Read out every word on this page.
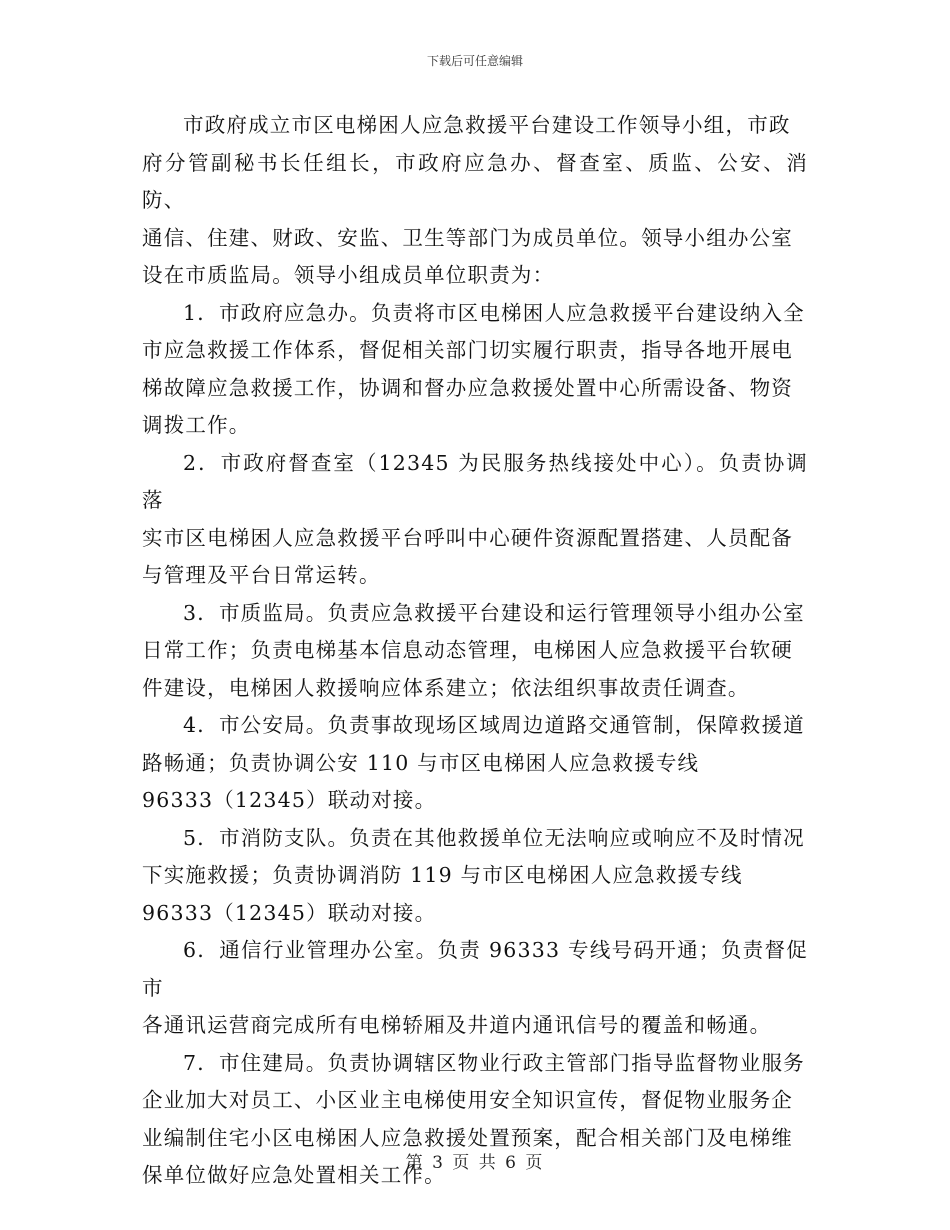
下载后可任意编辑

市政府成立市区电梯困人应急救援平台建设工作领导小组，市政
府分管副秘书长任组长，市政府应急办、督查室、质监、公安、消防、
通信、住建、财政、安监、卫生等部门为成员单位。领导小组办公室
设在市质监局。领导小组成员单位职责为：

1．市政府应急办。负责将市区电梯困人应急救援平台建设纳入全
市应急救援工作体系，督促相关部门切实履行职责，指导各地开展电
梯故障应急救援工作，协调和督办应急救援处置中心所需设备、物资
调拨工作。

2．市政府督查室（12345 为民服务热线接处中心）。负责协调落
实市区电梯困人应急救援平台呼叫中心硬件资源配置搭建、人员配备
与管理及平台日常运转。

3．市质监局。负责应急救援平台建设和运行管理领导小组办公室
日常工作；负责电梯基本信息动态管理，电梯困人应急救援平台软硬
件建设，电梯困人救援响应体系建立；依法组织事故责任调查。

4．市公安局。负责事故现场区域周边道路交通管制，保障救援道
路畅通；负责协调公安 110 与市区电梯困人应急救援专线
96333（12345）联动对接。

5．市消防支队。负责在其他救援单位无法响应或响应不及时情况
下实施救援；负责协调消防 119 与市区电梯困人应急救援专线
96333（12345）联动对接。

6．通信行业管理办公室。负责 96333 专线号码开通；负责督促市
各通讯运营商完成所有电梯轿厢及井道内通讯信号的覆盖和畅通。

7．市住建局。负责协调辖区物业行政主管部门指导监督物业服务
企业加大对员工、小区业主电梯使用安全知识宣传，督促物业服务企
业编制住宅小区电梯困人应急救援处置预案，配合相关部门及电梯维
保单位做好应急处置相关工作。

第 3 页 共 6 页
